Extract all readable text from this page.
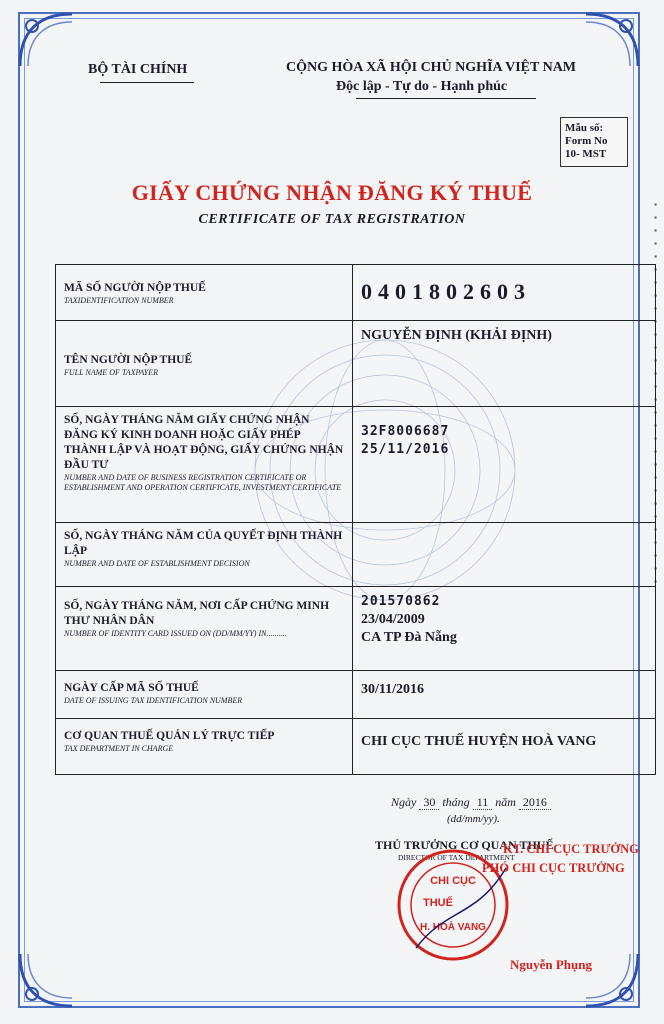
▪ ▪ ▪ ▪ ▪ ▪ ▪ ▪ ▪ ▪ ▪ ▪ ▪ ▪ ▪ ▪ ▪ ▪ ▪ ▪ ▪ ▪ ▪ ▪ ▪ ▪ ▪ ▪ ▪ ▪
BỘ TÀI CHÍNH	CỘNG HÒA XÃ HỘI CHỦ NGHĨA VIỆT NAM
Độc lập - Tự do - Hạnh phúc
Mẫu số:
Form No
10- MST
GIẤY CHỨNG NHẬN ĐĂNG KÝ THUẾ
CERTIFICATE OF TAX REGISTRATION
MÃ SỐ NGƯỜI NỘP THUẾ
TAXIDENTIFICATION NUMBER	0401802603

TÊN NGƯỜI NỘP THUẾ
FULL NAME OF TAXPAYER	NGUYỄN ĐỊNH (KHẢI ĐỊNH)

SỐ, NGÀY THÁNG NĂM GIẤY CHỨNG NHẬN ĐĂNG KÝ KINH DOANH HOẶC GIẤY PHÉP THÀNH LẬP VÀ HOẠT ĐỘNG, GIẤY CHỨNG NHẬN ĐẦU TƯ
NUMBER AND DATE OF BUSINESS REGISTRATION CERTIFICATE OR ESTABLISHMENT AND OPERATION CERTIFICATE, INVESTMENT CERTIFICATE	32F8006687
25/11/2016

SỐ, NGÀY THÁNG NĂM CỦA QUYẾT ĐỊNH THÀNH LẬP
NUMBER AND DATE OF ESTABLISHMENT DECISION	

SỐ, NGÀY THÁNG NĂM, NƠI CẤP CHỨNG MINH THƯ NHÂN DÂN
NUMBER OF IDENTITY CARD ISSUED ON (DD/MM/YY) IN..........	201570862
23/04/2009
CA TP Đà Nẵng

NGÀY CẤP MÃ SỐ THUẾ
DATE OF ISSUING TAX IDENTIFICATION NUMBER	30/11/2016

CƠ QUAN THUẾ QUẢN LÝ TRỰC TIẾP
TAX DEPARTMENT IN CHARGE	CHI CỤC THUẾ HUYỆN HOÀ VANG
Ngày 30 tháng 11 năm 2016
(dd/mm/yy).
THỦ TRƯỞNG CƠ QUAN THUẾ
DIRECTOR OF TAX DEPARTMENT
CHI CỤC
THUẾ
H. HOÀ VANG
KT. CHI CỤC TRƯỞNG
PHÓ CHI CỤC TRƯỞNG
Nguyễn Phụng
